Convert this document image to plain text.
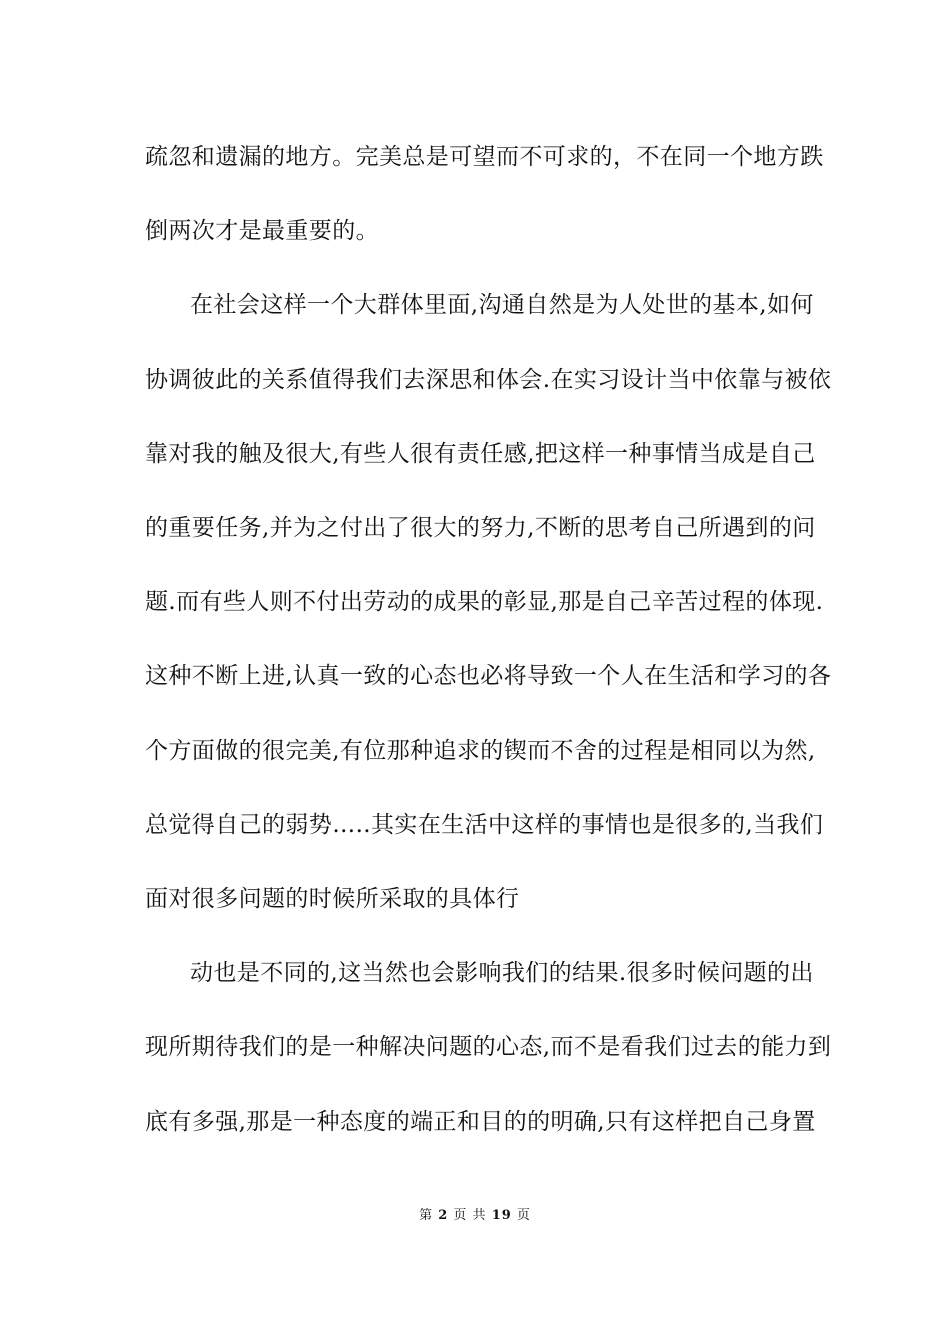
疏忽和遗漏的地方。完美总是可望而不可求的，不在同一个地方跌
倒两次才是最重要的。
在社会这样一个大群体里面,沟通自然是为人处世的基本,如何
协调彼此的关系值得我们去深思和体会.在实习设计当中依靠与被依
靠对我的触及很大,有些人很有责任感,把这样一种事情当成是自己
的重要任务,并为之付出了很大的努力,不断的思考自己所遇到的问
题.而有些人则不付出劳动的成果的彰显,那是自己辛苦过程的体现.
这种不断上进,认真一致的心态也必将导致一个人在生活和学习的各
个方面做的很完美,有位那种追求的锲而不舍的过程是相同以为然,
总觉得自己的弱势…..其实在生活中这样的事情也是很多的,当我们
面对很多问题的时候所采取的具体行
动也是不同的,这当然也会影响我们的结果.很多时候问题的出
现所期待我们的是一种解决问题的心态,而不是看我们过去的能力到
底有多强,那是一种态度的端正和目的的明确,只有这样把自己身置
第 2 页 共 19 页
